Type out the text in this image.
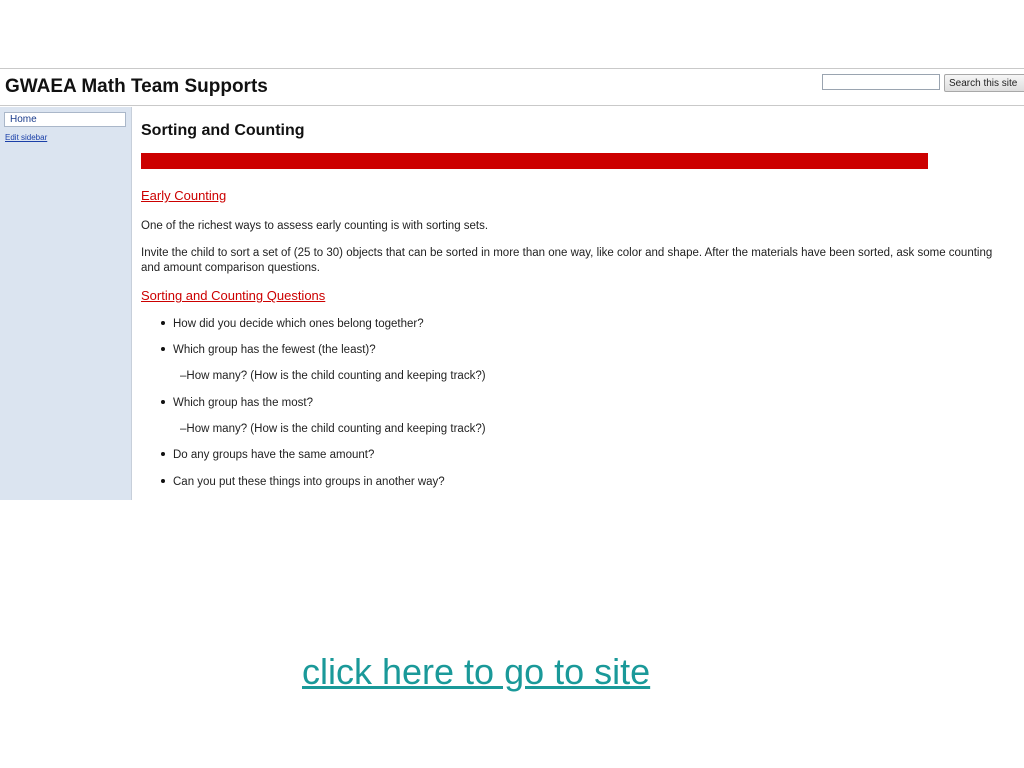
GWAEA Math Team Supports	Search this site
Home
Edit sidebar	Sorting and Counting
Early Counting
One of the richest ways to assess early counting is with sorting sets.
Invite the child to sort a set of (25 to 30) objects that can be sorted in more than one way, like color and shape. After the materials have been sorted, ask some counting and amount comparison questions.
Sorting and Counting Questions
How did you decide which ones belong together?
Which group has the fewest (the least)?
–How many? (How is the child counting and keeping track?)
Which group has the most?
–How many? (How is the child counting and keeping track?)
Do any groups have the same amount?
Can you put these things into groups in another way?
click here to go to site
